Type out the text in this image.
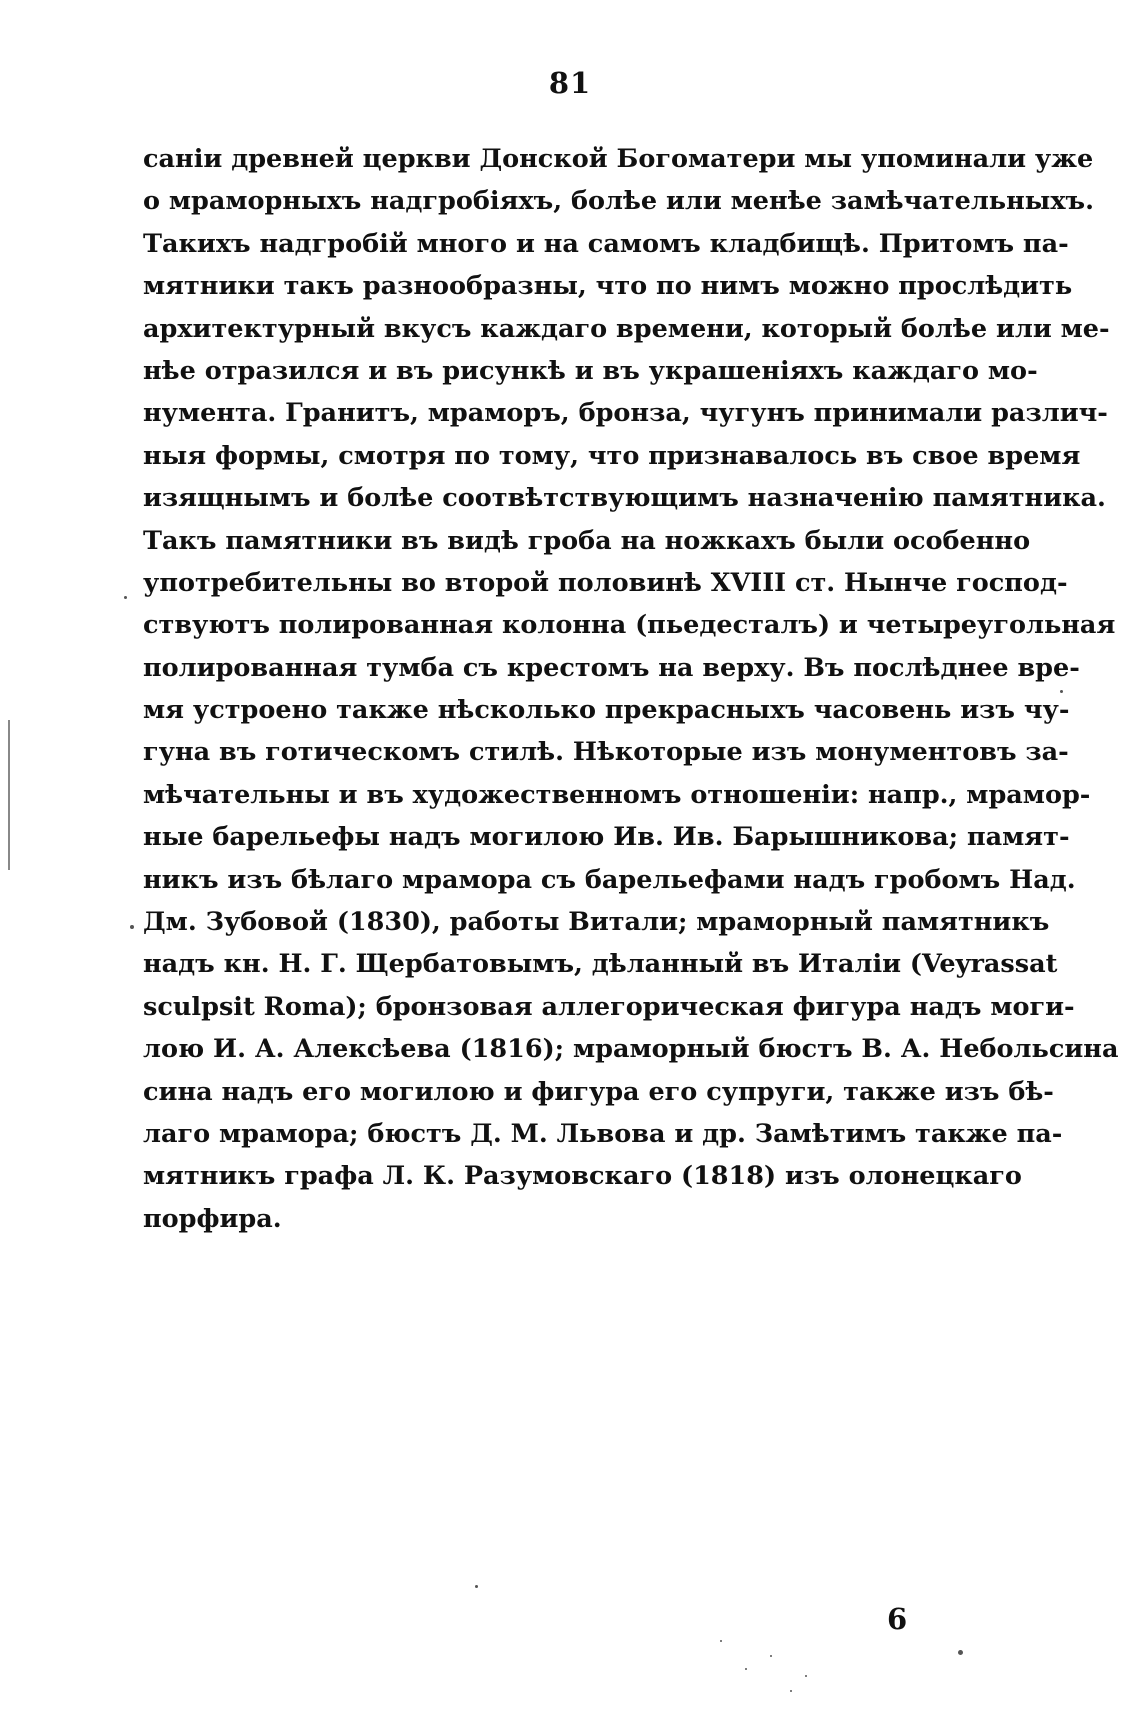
81
санiи древней церкви Донской Богоматери мы упоминали уже
о мраморныхъ надгробiяхъ, болѣе или менѣе замѣчательныхъ.
Такихъ надгробiй много и на самомъ кладбищѣ. Притомъ па-
мятники такъ разнообразны, что по нимъ можно прослѣдить
архитектурный вкусъ каждаго времени, который болѣе или ме-
нѣе отразился и въ рисункѣ и въ украшенiяхъ каждаго мо-
нумента. Гранитъ, мраморъ, бронза, чугунъ принимали различ-
ныя формы, смотря по тому, что признавалось въ свое время
изящнымъ и болѣе соотвѣтствующимъ назначенiю памятника.
Такъ памятники въ видѣ гроба на ножкахъ были особенно
употребительны во второй половинѣ XVIII ст. Нынче господ-
ствуютъ полированная колонна (пьедесталъ) и четыреугольная
полированная тумба съ крестомъ на верху. Въ послѣднее вре-
мя устроено также нѣсколько прекрасныхъ часовень изъ чу-
гуна въ готическомъ стилѣ. Нѣкоторые изъ монументовъ за-
мѣчательны и въ художественномъ отношенiи: напр., мрамор-
ные барельефы надъ могилою Ив. Ив. Барышникова; памят-
никъ изъ бѣлаго мрамора съ барельефами надъ гробомъ Над.
Дм. Зубовой (1830), работы Витали; мраморный памятникъ
надъ кн. Н. Г. Щербатовымъ, дѣланный въ Италiи (Veyrassat
sculpsit Roma); бронзовая аллегорическая фигура надъ моги-
лою И. А. Алексѣева (1816); мраморный бюстъ В. А. Небольсина
сина надъ его могилою и фигура его супруги, также изъ бѣ-
лаго мрамора; бюстъ Д. М. Львова и др. Замѣтимъ также па-
мятникъ графа Л. К. Разумовскаго (1818) изъ олонецкаго
порфира.
6
